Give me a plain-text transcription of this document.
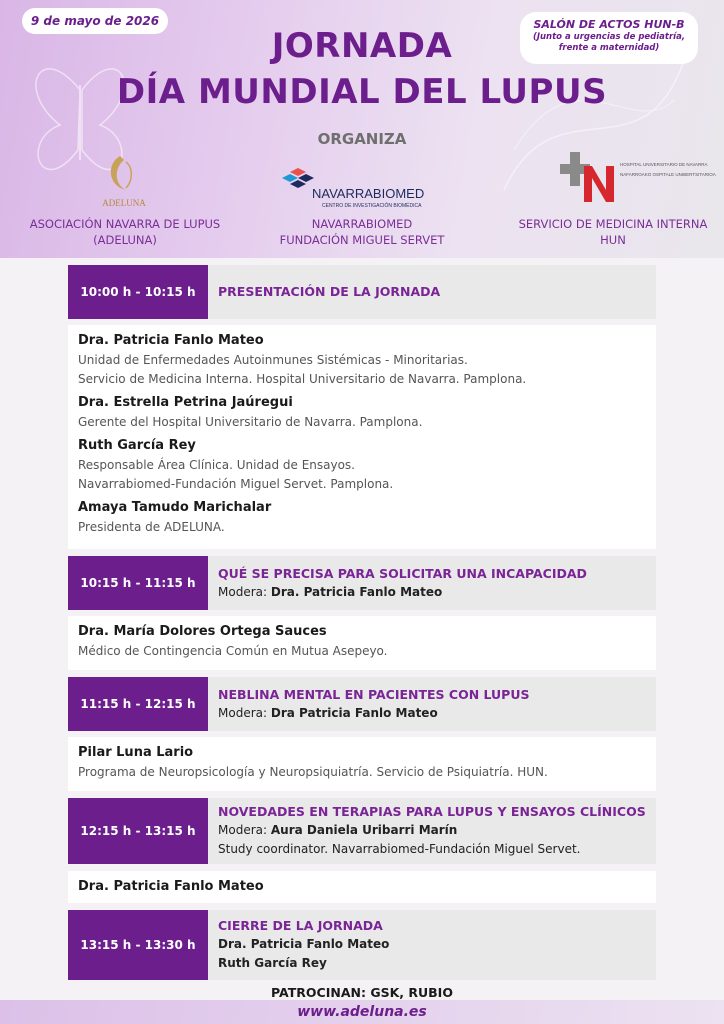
9 de mayo de 2026	SALÓN DE ACTOS HUN-B
(Junto a urgencias de pediatría, frente a maternidad)
JORNADA
DÍA MUNDIAL DEL LUPUS
ORGANIZA
ADELUNA
NAVARRABIOMED
CENTRO DE INVESTIGACIÓN BIOMÉDICA
HOSPITAL UNIVERSITARIO DE NAVARRA
NAFARROAKO OSPITALE UNIBERTSITARIOA
ASOCIACIÓN NAVARRA DE LUPUS
(ADELUNA)
NAVARRABIOMED
FUNDACIÓN MIGUEL SERVET
SERVICIO DE MEDICINA INTERNA
HUN
10:00 h - 10:15 h	PRESENTACIÓN DE LA JORNADA
Dra. Patricia Fanlo Mateo
Unidad de Enfermedades Autoinmunes Sistémicas - Minoritarias.
Servicio de Medicina Interna. Hospital Universitario de Navarra. Pamplona.
Dra. Estrella Petrina Jaúregui
Gerente del Hospital Universitario de Navarra. Pamplona.
Ruth García Rey
Responsable Área Clínica. Unidad de Ensayos.
Navarrabiomed-Fundación Miguel Servet. Pamplona.
Amaya Tamudo Marichalar
Presidenta de ADELUNA.
10:15 h - 11:15 h
QUÉ SE PRECISA PARA SOLICITAR UNA INCAPACIDAD
Modera: Dra. Patricia Fanlo Mateo
Dra. María Dolores Ortega Sauces
Médico de Contingencia Común en Mutua Asepeyo.
11:15 h - 12:15 h
NEBLINA MENTAL EN PACIENTES CON LUPUS
Modera: Dra Patricia Fanlo Mateo
Pilar Luna Lario
Programa de Neuropsicología y Neuropsiquiatría. Servicio de Psiquiatría. HUN.
12:15 h - 13:15 h
NOVEDADES EN TERAPIAS PARA LUPUS Y ENSAYOS CLÍNICOS
Modera: Aura Daniela Uribarri Marín
Study coordinator. Navarrabiomed-Fundación Miguel Servet.
Dra. Patricia Fanlo Mateo
13:15 h - 13:30 h
CIERRE DE LA JORNADA
Dra. Patricia Fanlo Mateo
Ruth García Rey
PATROCINAN: GSK, RUBIO
www.adeluna.es
